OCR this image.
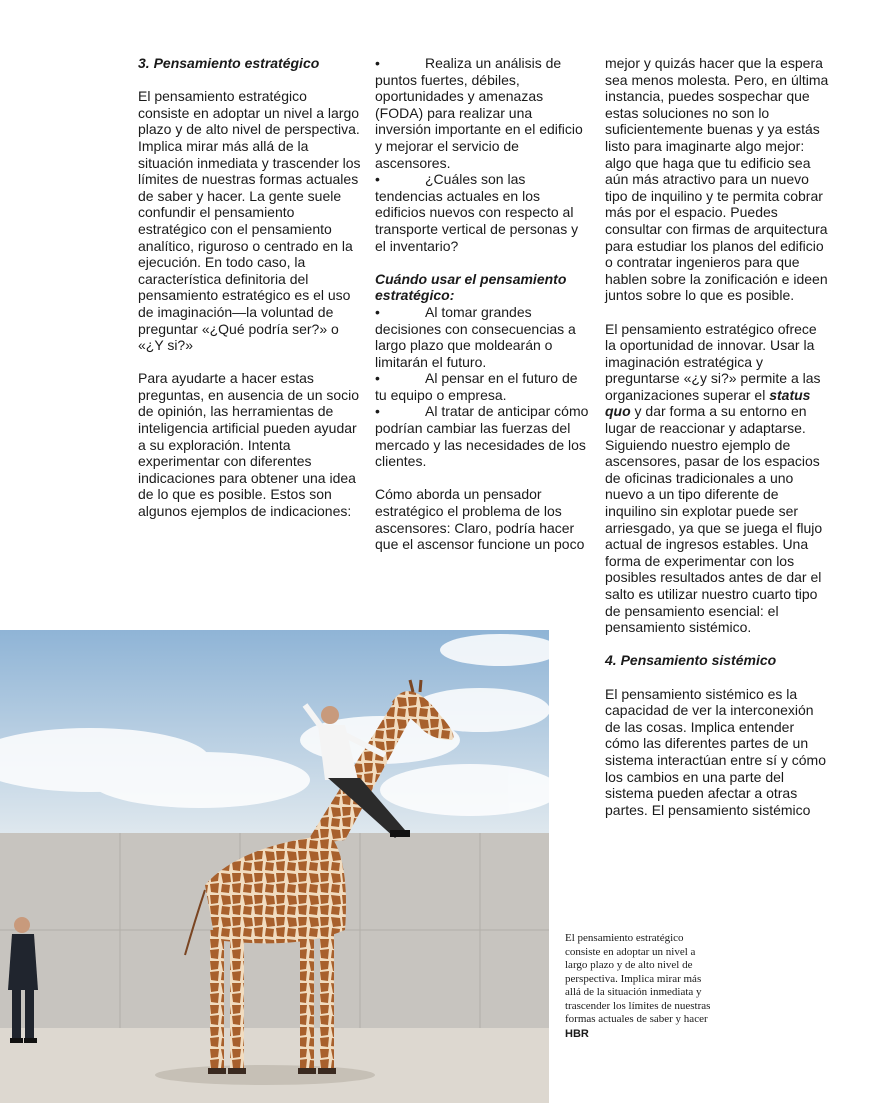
3. Pensamiento estratégico

El pensamiento estratégico consiste en adoptar un nivel a largo plazo y de alto nivel de perspectiva. Implica mirar más allá de la situación inmediata y trascender los límites de nuestras formas actuales de saber y hacer. La gente suele confundir el pensamiento estratégico con el pensamiento analítico, riguroso o centrado en la ejecución. En todo caso, la característica definitoria del pensamiento estratégico es el uso de imaginación—la voluntad de preguntar «¿Qué podría ser?» o «¿Y si?»

Para ayudarte a hacer estas preguntas, en ausencia de un socio de opinión, las herramientas de inteligencia artificial pueden ayudar a su exploración. Intenta experimentar con diferentes indicaciones para obtener una idea de lo que es posible. Estos son algunos ejemplos de indicaciones:

•	Realiza un análisis de puntos fuertes, débiles, oportunidades y amenazas (FODA) para realizar una inversión importante en el edificio y mejorar el servicio de ascensores.
•	¿Cuáles son las tendencias actuales en los edificios nuevos con respecto al transporte vertical de personas y el inventario?
Cuándo usar el pensamiento estratégico:
•	Al tomar grandes decisiones con consecuencias a largo plazo que moldearán o limitarán el futuro.
•	Al pensar en el futuro de tu equipo o empresa.
•	Al tratar de anticipar cómo podrían cambiar las fuerzas del mercado y las necesidades de los clientes.

Cómo aborda un pensador estratégico el problema de los ascensores: Claro, podría hacer que el ascensor funcione un poco

mejor y quizás hacer que la espera sea menos molesta. Pero, en última instancia, puedes sospechar que estas soluciones no son lo suficientemente buenas y ya estás listo para imaginarte algo mejor: algo que haga que tu edificio sea aún más atractivo para un nuevo tipo de inquilino y te permita cobrar más por el espacio. Puedes consultar con firmas de arquitectura para estudiar los planos del edificio o contratar ingenieros para que hablen sobre la zonificación e ideen juntos sobre lo que es posible.

El pensamiento estratégico ofrece la oportunidad de innovar. Usar la imaginación estratégica y preguntarse «¿y si?» permite a las organizaciones superar el status quo y dar forma a su entorno en lugar de reaccionar y adaptarse. Siguiendo nuestro ejemplo de ascensores, pasar de los espacios de oficinas tradicionales a uno nuevo a un tipo diferente de inquilino sin explotar puede ser arriesgado, ya que se juega el flujo actual de ingresos estables. Una forma de experimentar con los posibles resultados antes de dar el salto es utilizar nuestro cuarto tipo de pensamiento esencial: el pensamiento sistémico.

4. Pensamiento sistémico

El pensamiento sistémico es la capacidad de ver la interconexión de las cosas. Implica entender cómo las diferentes partes de un sistema interactúan entre sí y cómo los cambios en una parte del sistema pueden afectar a otras partes. El pensamiento sistémico

El pensamiento estratégico consiste en adoptar un nivel a largo plazo y de alto nivel de perspectiva. Implica mirar más allá de la situación inmediata y trascender los límites de nuestras formas actuales de saber y hacer
HBR
